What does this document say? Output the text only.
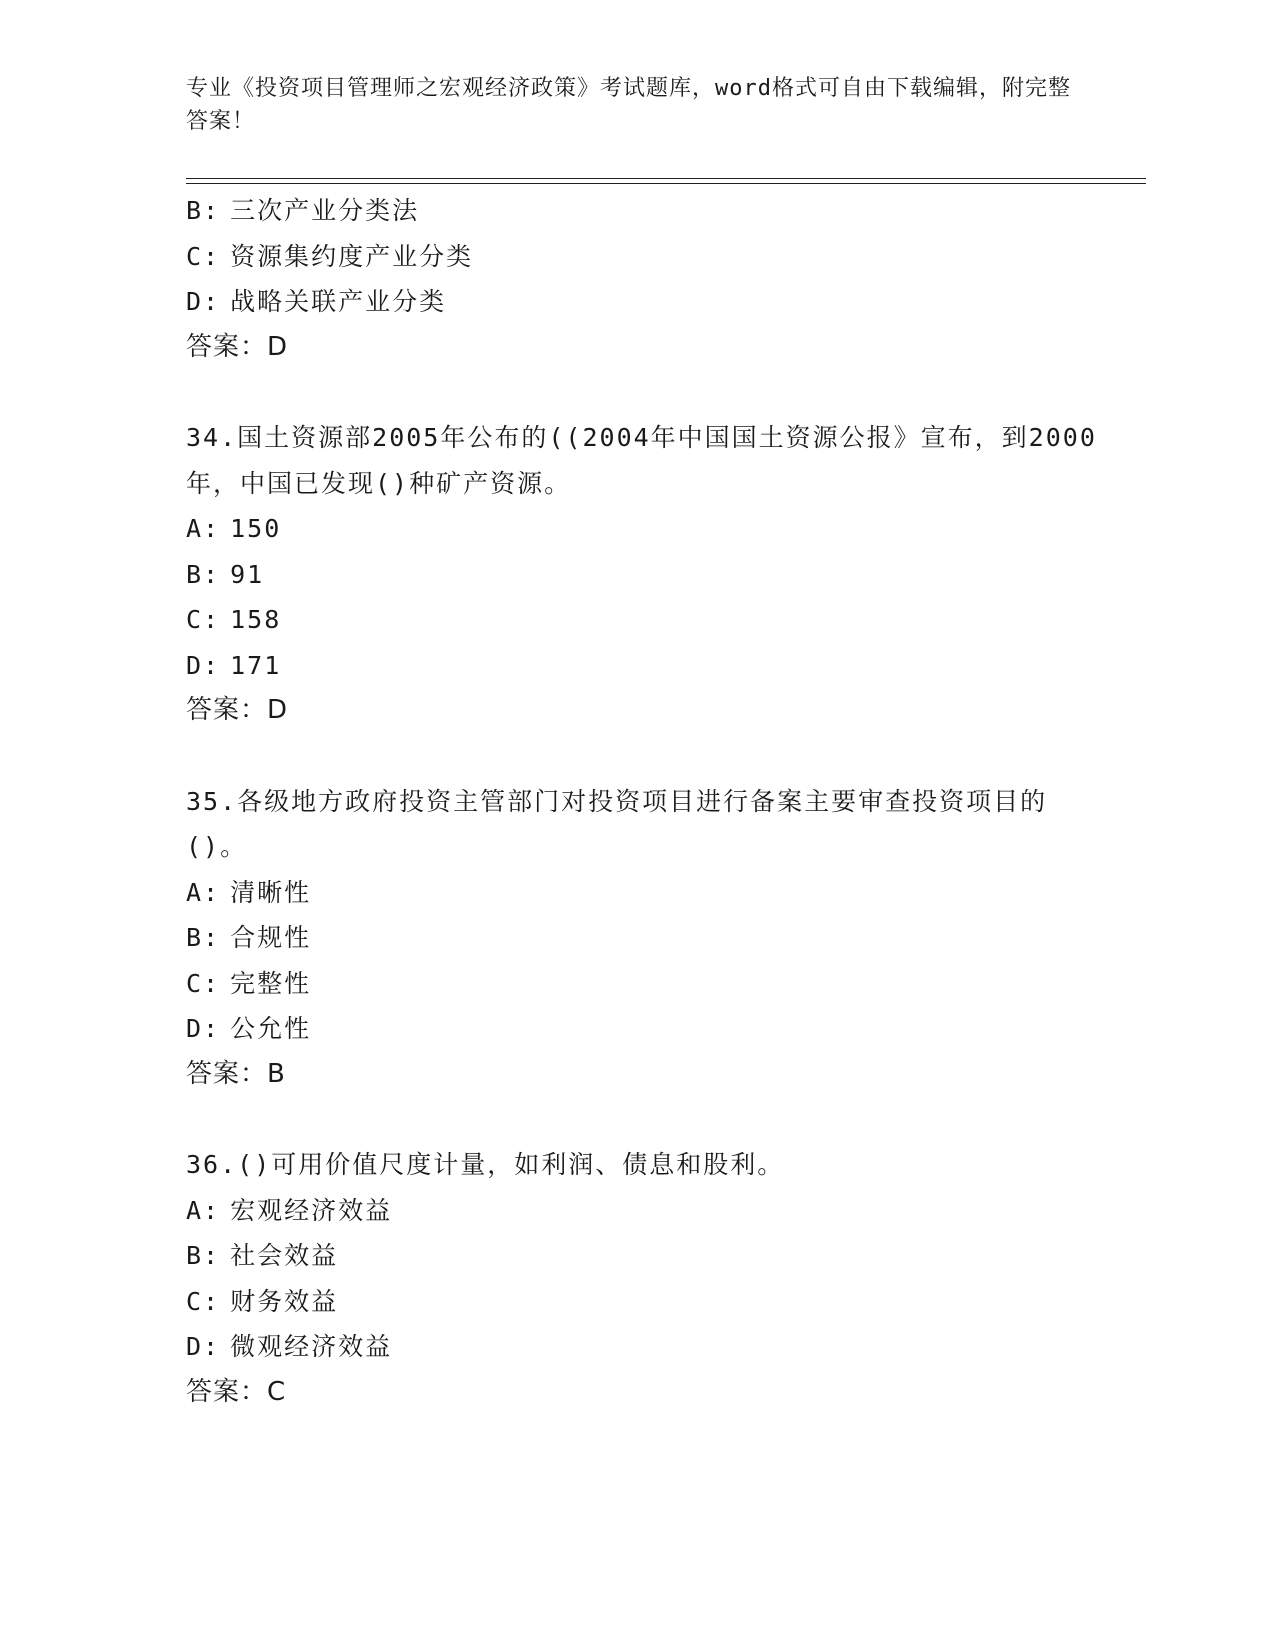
专业《投资项目管理师之宏观经济政策》考试题库，word格式可自由下载编辑，附完整答案！
B: 三次产业分类法
C: 资源集约度产业分类
D: 战略关联产业分类
答案：D
34.国土资源部2005年公布的((2004年中国国土资源公报》宣布，到2000年，中国已发现()种矿产资源。
A: 150
B: 91
C: 158
D: 171
答案：D
35.各级地方政府投资主管部门对投资项目进行备案主要审查投资项目的()。
A: 清晰性
B: 合规性
C: 完整性
D: 公允性
答案：B
36.()可用价值尺度计量，如利润、债息和股利。
A: 宏观经济效益
B: 社会效益
C: 财务效益
D: 微观经济效益
答案：C
